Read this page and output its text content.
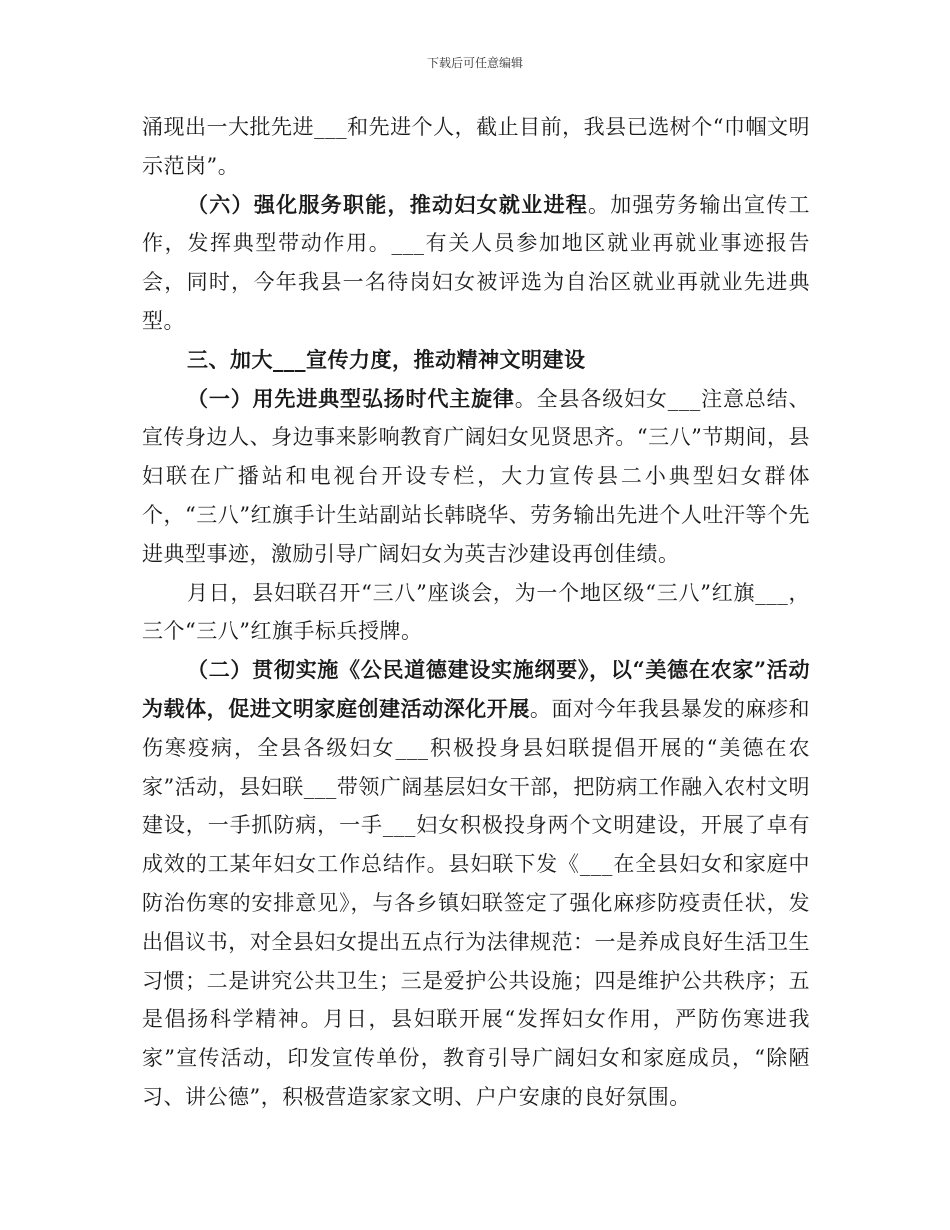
下载后可任意编辑

涌现出一大批先进___和先进个人，截止目前，我县已选树个“巾帼文明示范岗”。

（六）强化服务职能，推动妇女就业进程。加强劳务输出宣传工作，发挥典型带动作用。___有关人员参加地区就业再就业事迹报告会，同时，今年我县一名待岗妇女被评选为自治区就业再就业先进典型。

三、加大___宣传力度，推动精神文明建设

（一）用先进典型弘扬时代主旋律。全县各级妇女___注意总结、宣传身边人、身边事来影响教育广阔妇女见贤思齐。“三八”节期间，县妇联在广播站和电视台开设专栏，大力宣传县二小典型妇女群体个，“三八”红旗手计生站副站长韩晓华、劳务输出先进个人吐汗等个先进典型事迹，激励引导广阔妇女为英吉沙建设再创佳绩。

月日，县妇联召开“三八”座谈会，为一个地区级“三八”红旗___，三个“三八”红旗手标兵授牌。

（二）贯彻实施《公民道德建设实施纲要》，以“美德在农家”活动为载体，促进文明家庭创建活动深化开展。面对今年我县暴发的麻疹和伤寒疫病，全县各级妇女___积极投身县妇联提倡开展的“美德在农家”活动，县妇联___带领广阔基层妇女干部，把防病工作融入农村文明建设，一手抓防病，一手___妇女积极投身两个文明建设，开展了卓有成效的工某年妇女工作总结作。县妇联下发《___在全县妇女和家庭中防治伤寒的安排意见》，与各乡镇妇联签定了强化麻疹防疫责任状，发出倡议书，对全县妇女提出五点行为法律规范：一是养成良好生活卫生习惯；二是讲究公共卫生；三是爱护公共设施；四是维护公共秩序；五是倡扬科学精神。月日，县妇联开展“发挥妇女作用，严防伤寒进我家”宣传活动，印发宣传单份，教育引导广阔妇女和家庭成员，“除陋习、讲公德”，积极营造家家文明、户户安康的良好氛围。
